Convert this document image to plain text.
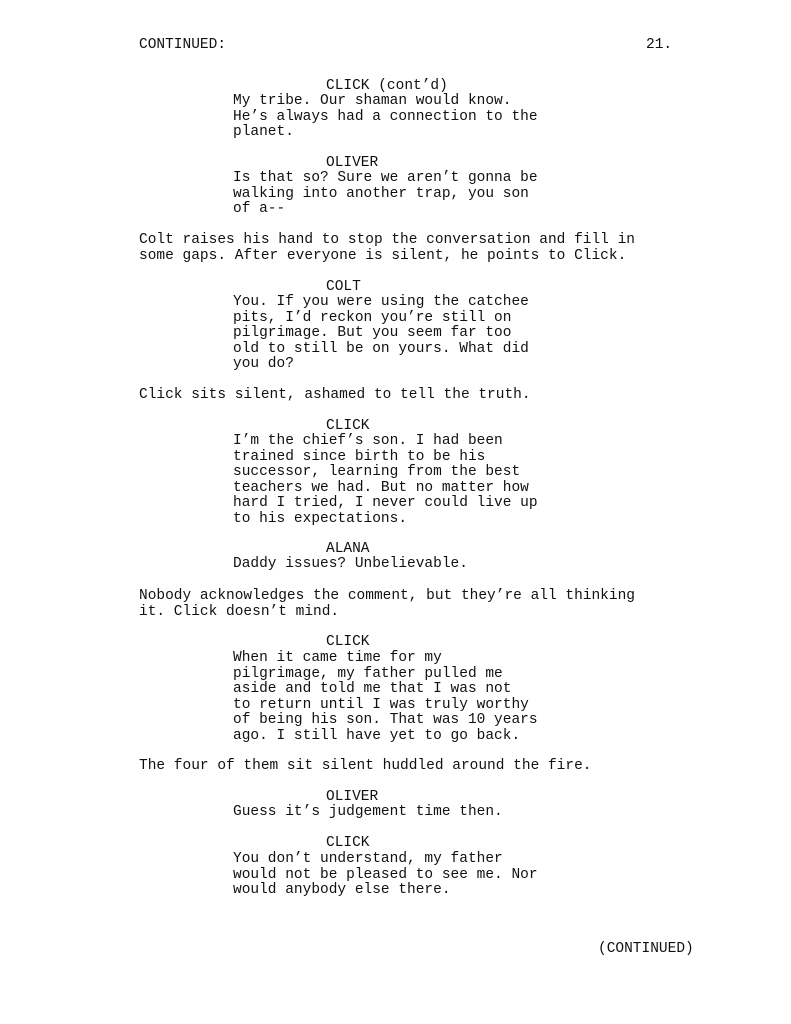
CONTINUED:	21.
CLICK (cont’d)
My tribe. Our shaman would know.
He’s always had a connection to the
planet.
OLIVER
Is that so? Sure we aren’t gonna be
walking into another trap, you son
of a--
Colt raises his hand to stop the conversation and fill in
some gaps. After everyone is silent, he points to Click.
COLT
You. If you were using the catchee
pits, I’d reckon you’re still on
pilgrimage. But you seem far too
old to still be on yours. What did
you do?
Click sits silent, ashamed to tell the truth.
CLICK
I’m the chief’s son. I had been
trained since birth to be his
successor, learning from the best
teachers we had. But no matter how
hard I tried, I never could live up
to his expectations.
ALANA
Daddy issues? Unbelievable.
Nobody acknowledges the comment, but they’re all thinking
it. Click doesn’t mind.
CLICK
When it came time for my
pilgrimage, my father pulled me
aside and told me that I was not
to return until I was truly worthy
of being his son. That was 10 years
ago. I still have yet to go back.
The four of them sit silent huddled around the fire.
OLIVER
Guess it’s judgement time then.
CLICK
You don’t understand, my father
would not be pleased to see me. Nor
would anybody else there.
(CONTINUED)
